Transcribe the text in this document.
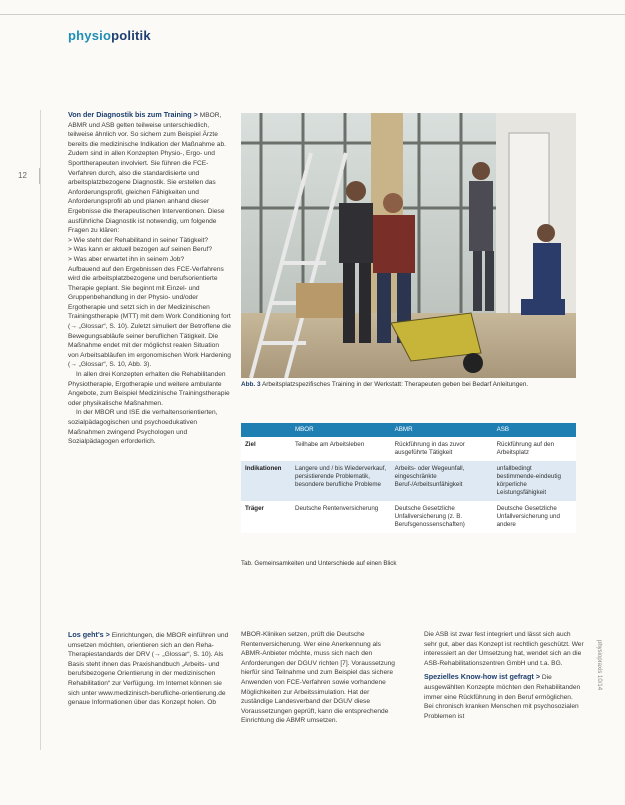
physiopolitik
12

Von der Diagnostik bis zum Training > MBOR, ABMR und ASB gelten teilweise unterschiedlich, teilweise ähnlich vor. So sichern zum Beispiel Ärzte bereits die medizinische Indikation der Maßnahme ab. Zudem sind in allen Konzepten Physio-, Ergo- und Sporttherapeuten involviert. Sie führen die FCE-Verfahren durch, also die standardisierte und arbeitsplatzbezogene Diagnostik. Sie erstellen das Anforderungsprofil, gleichen Fähigkeiten und Anforderungsprofil ab und planen anhand dieser Ergebnisse die therapeutischen Interventionen. Diese ausführliche Diagnostik ist notwendig, um folgende Fragen zu klären:

> Wie steht der Rehabilitand in seiner Tätigkeit?

> Was kann er aktuell bezogen auf seinen Beruf?

> Was aber erwartet ihn in seinem Job?

Aufbauend auf den Ergebnissen des FCE-Verfahrens wird die arbeitsplatzbezogene und berufsorientierte Therapie geplant. Sie beginnt mit Einzel- und Gruppenbehandlung in der Physio- und/oder Ergotherapie und setzt sich in der Medizinischen Trainingstherapie (MTT) mit dem Work Conditioning fort (→ „Glossar“, S. 10). Zuletzt simuliert der Betroffene die Bewegungsabläufe seiner beruflichen Tätigkeit. Die Maßnahme endet mit der möglichst realen Situation von Arbeitsabläufen im ergonomischen Work Hardening (→ „Glossar“, S. 10, Abb. 3).

In allen drei Konzepten erhalten die Rehabilitanden Physiotherapie, Ergotherapie und weitere ambulante Angebote, zum Beispiel Medizinische Trainingstherapie oder physikalische Maßnahmen.

In der MBOR und ISE die verhaltensorientierten, sozialpädagogischen und psychoedukativen Maßnahmen zwingend Psychologen und Sozialpädagogen erforderlich.

Abb. 3 Arbeitsplatzspezifisches Training in der Werkstatt: Therapeuten geben bei Bedarf Anleitungen.
	MBOR	ABMR	ASB
Ziel	Teilhabe am Arbeitsleben	Rückführung in das zuvor ausgeführte Tätigkeit	Rückführung auf den Arbeitsplatz
Indikationen	Langere und / bis Wiederverkauf, persistierende Problematik, besondere berufliche Probleme	Arbeits- oder Wegeunfall, eingeschränkte Beruf-/Arbeitsunfähigkeit	unfallbedingt bestimmende-eindeutig körperliche Leistungsfähigkeit
Träger	Deutsche Rentenversicherung	Deutsche Gesetzliche Unfallversicherung (z. B. Berufsgenossenschaften)	Deutsche Gesetzliche Unfallversicherung und andere
Tab. Gemeinsamkeiten und Unterschiede auf einen Blick
Los geht's > Einrichtungen, die MBOR einführen und umsetzen möchten, orientieren sich an den Reha-Therapiestandards der DRV (→ „Glossar“, S. 10). Als Basis steht ihnen das Praxishandbuch „Arbeits- und berufsbezogene Orientierung in der medizinischen Rehabilitation“ zur Verfügung. Im Internet können sie sich unter www.medizinisch-berufliche-orientierung.de genaue Informationen über das Konzept holen. Ob
MBOR-Kliniken setzen, prüft die Deutsche Rentenversicherung. Wer eine Anerkennung als ABMR-Anbieter möchte, muss sich nach den Anforderungen der DGUV richten [7]. Voraussetzung hierfür sind Teilnahme und zum Beispiel das sichere Anwenden von FCE-Verfahren sowie vorhandene Möglichkeiten zur Arbeitssimulation. Hat der zuständige Landesverband der DGUV diese Voraussetzungen geprüft, kann die entsprechende Einrichtung die ABMR umsetzen.

Die ASB ist zwar fest integriert und lässt sich auch sehr gut, aber das Konzept ist rechtlich geschützt. Wer interessiert an der Umsetzung hat, wendet sich an die ASB-Rehabilitationszentren GmbH und t.a. BG.

Spezielles Know-how ist gefragt > Die ausgewählten Konzepte möchten den Rehabilitanden immer eine Rückführung in den Beruf ermöglichen. Bei chronisch kranken Menschen mit psychosozialen Problemen ist

physiopraxis 10/14
